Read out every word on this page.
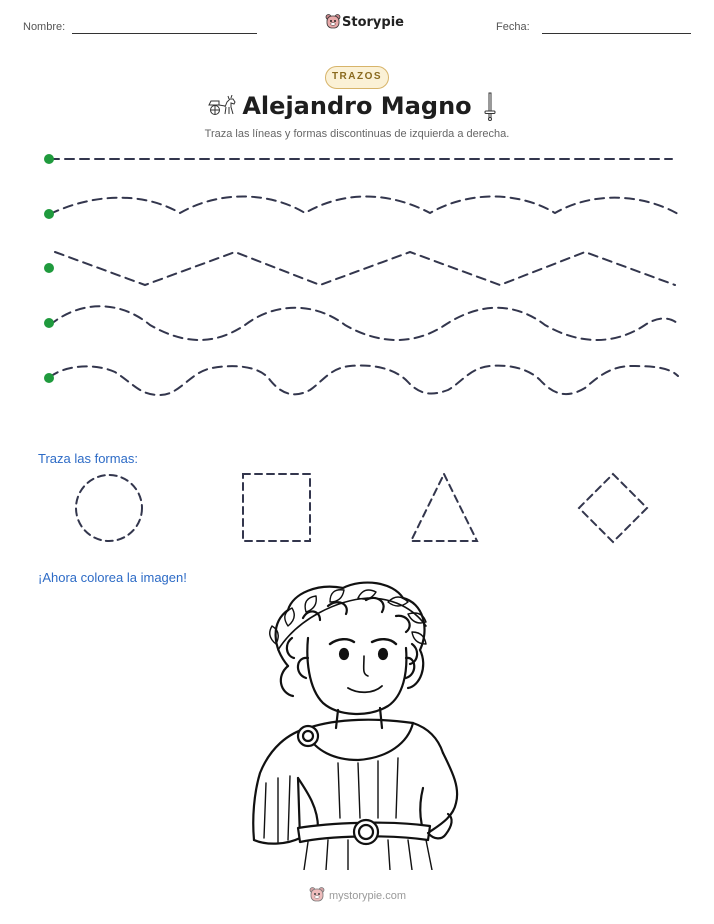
Nombre:	Storypie	Fecha:
TRAZOS
Alejandro Magno
Traza las líneas y formas discontinuas de izquierda a derecha.
Traza las formas:
¡Ahora colorea la imagen!
mystorypie.com
